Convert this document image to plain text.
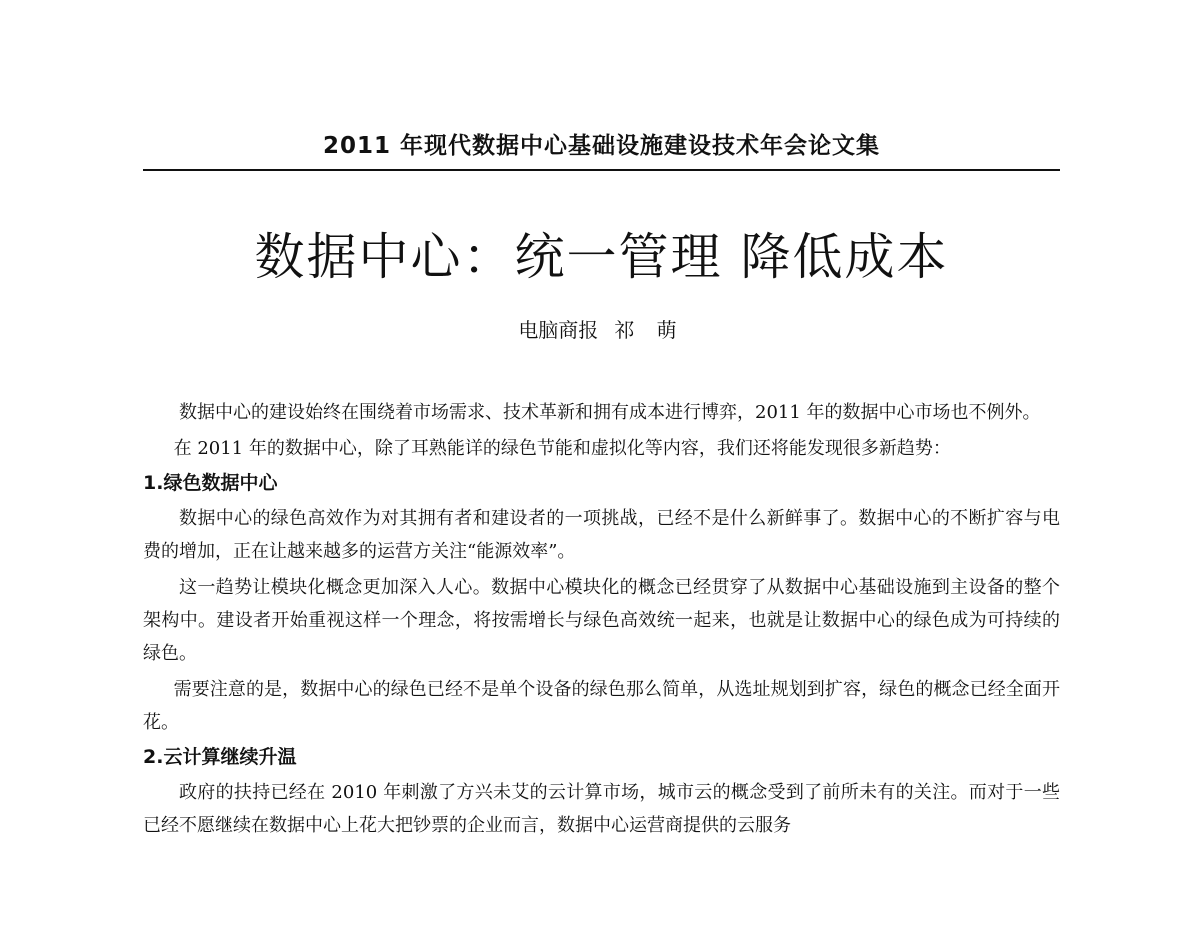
2011 年现代数据中心基础设施建设技术年会论文集
数据中心：统一管理 降低成本
电脑商报 祁 萌

数据中心的建设始终在围绕着市场需求、技术革新和拥有成本进行博弈，2011 年的数据中心市场也不例外。

在 2011 年的数据中心，除了耳熟能详的绿色节能和虚拟化等内容，我们还将能发现很多新趋势：

1.绿色数据中心

数据中心的绿色高效作为对其拥有者和建设者的一项挑战，已经不是什么新鲜事了。数据中心的不断扩容与电费的增加，正在让越来越多的运营方关注“能源效率”。

这一趋势让模块化概念更加深入人心。数据中心模块化的概念已经贯穿了从数据中心基础设施到主设备的整个架构中。建设者开始重视这样一个理念，将按需增长与绿色高效统一起来，也就是让数据中心的绿色成为可持续的绿色。

需要注意的是，数据中心的绿色已经不是单个设备的绿色那么简单，从选址规划到扩容，绿色的概念已经全面开花。

2.云计算继续升温

政府的扶持已经在 2010 年刺激了方兴未艾的云计算市场，城市云的概念受到了前所未有的关注。而对于一些已经不愿继续在数据中心上花大把钞票的企业而言，数据中心运营商提供的云服务
